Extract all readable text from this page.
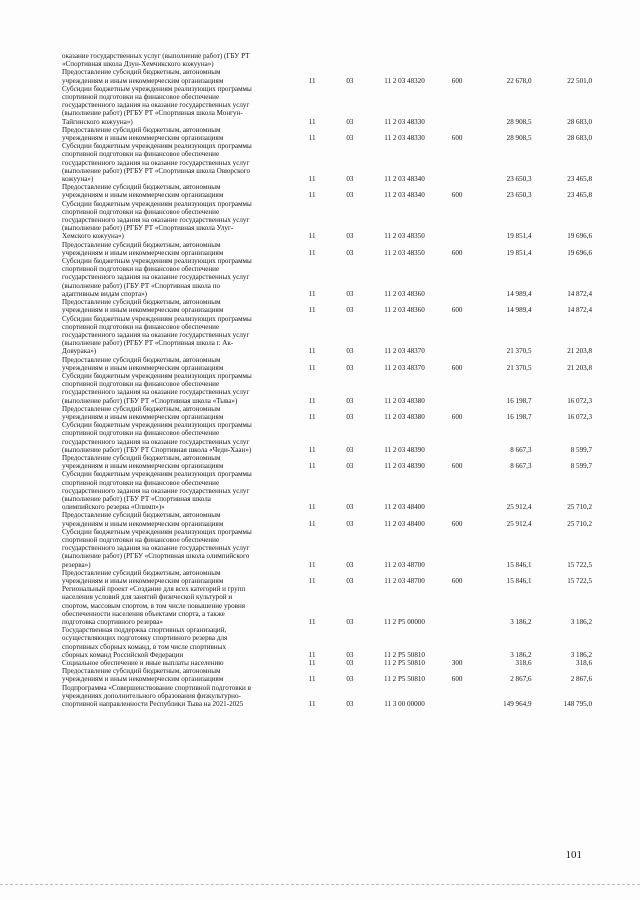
оказание государственных услуг (выполнение работ) (ГБУ РТ
«Спортивная школа Дзун-Хемчикского кожууна»)
Предоставление субсидий бюджетным, автономным
учреждениям и иным некоммерческим организациям	11	03	11 2 03 48320	600	22 678,0	22 501,0
Субсидии бюджетным учреждениям реализующих программы
спортивной подготовки на финансовое обеспечение
государственного задания на оказание государственных услуг
(выполнение работ) (РГБУ РТ «Спортивная школа Монгун-
Тайгинского кожууна»)	11	03	11 2 03 48330	28 908,5	28 683,0
Предоставление субсидий бюджетным, автономным
учреждениям и иным некоммерческим организациям	11	03	11 2 03 48330	600	28 908,5	28 683,0
Субсидии бюджетным учреждениям реализующих программы
спортивной подготовки на финансовое обеспечение
государственного задания на оказание государственных услуг
(выполнение работ) (РГБУ РТ «Спортивная школа Овюрского
кожууна»)	11	03	11 2 03 48340	23 650,3	23 465,8
Предоставление субсидий бюджетным, автономным
учреждениям и иным некоммерческим организациям	11	03	11 2 03 48340	600	23 650,3	23 465,8
Субсидии бюджетным учреждениям реализующих программы
спортивной подготовки на финансовое обеспечение
государственного задания на оказание государственных услуг
(выполнение работ) (РГБУ РТ «Спортивная школа Улуг-
Хемского кожууна»)	11	03	11 2 03 48350	19 851,4	19 696,6
Предоставление субсидий бюджетным, автономным
учреждениям и иным некоммерческим организациям	11	03	11 2 03 48350	600	19 851,4	19 696,6
Субсидии бюджетным учреждениям реализующих программы
спортивной подготовки на финансовое обеспечение
государственного задания на оказание государственных услуг
(выполнение работ) (ГБУ РТ «Спортивная школа по
адаптивным видам спорта»)	11	03	11 2 03 48360	14 989,4	14 872,4
Предоставление субсидий бюджетным, автономным
учреждениям и иным некоммерческим организациям	11	03	11 2 03 48360	600	14 989,4	14 872,4
Субсидии бюджетным учреждениям реализующих программы
спортивной подготовки на финансовое обеспечение
государственного задания на оказание государственных услуг
(выполнение работ) (РГБУ РТ «Спортивная школа г. Ак-
Довурака»)	11	03	11 2 03 48370	21 370,5	21 203,8
Предоставление субсидий бюджетным, автономным
учреждениям и иным некоммерческим организациям	11	03	11 2 03 48370	600	21 370,5	21 203,8
Субсидии бюджетным учреждениям реализующих программы
спортивной подготовки на финансовое обеспечение
государственного задания на оказание государственных услуг
(выполнение работ) (ГБУ РТ «Спортивная школа «Тыва»)	11	03	11 2 03 48380	16 198,7	16 072,3
Предоставление субсидий бюджетным, автономным
учреждениям и иным некоммерческим организациям	11	03	11 2 03 48380	600	16 198,7	16 072,3
Субсидии бюджетным учреждениям реализующих программы
спортивной подготовки на финансовое обеспечение
государственного задания на оказание государственных услуг
(выполнение работ) (ГБУ РТ Спортивная школа «Чеди-Хаан»)	11	03	11 2 03 48390	8 667,3	8 599,7
Предоставление субсидий бюджетным, автономным
учреждениям и иным некоммерческим организациям	11	03	11 2 03 48390	600	8 667,3	8 599,7
Субсидии бюджетным учреждениям реализующих программы
спортивной подготовки на финансовое обеспечение
государственного задания на оказание государственных услуг
(выполнение работ) (ГБУ РТ «Спортивная школа
олимпийского резерва «Олимп»)»	11	03	11 2 03 48400	25 912,4	25 710,2
Предоставление субсидий бюджетным, автономным
учреждениям и иным некоммерческим организациям	11	03	11 2 03 48400	600	25 912,4	25 710,2
Субсидии бюджетным учреждениям реализующих программы
спортивной подготовки на финансовое обеспечение
государственного задания на оказание государственных услуг
(выполнение работ) (РГБУ «Спортивная школа олимпийского
резерва»)	11	03	11 2 03 48700	15 846,1	15 722,5
Предоставление субсидий бюджетным, автономным
учреждениям и иным некоммерческим организациям	11	03	11 2 03 48700	600	15 846,1	15 722,5
Региональный проект «Создание для всех категорий и групп
населения условий для занятий физической культурой и
спортом, массовым спортом, в том числе повышение уровня
обеспеченности населения объектами спорта, а также
подготовка спортивного резерва»	11	03	11 2 P5 00000	3 186,2	3 186,2
Государственная поддержка спортивных организаций,
осуществляющих подготовку спортивного резерва для
спортивных сборных команд, в том числе спортивных
сборных команд Российской Федерации	11	03	11 2 P5 50810	3 186,2	3 186,2
Социальное обеспечение и иные выплаты населению	11	03	11 2 P5 50810	300	318,6	318,6
Предоставление субсидий бюджетным, автономным
учреждениям и иным некоммерческим организациям	11	03	11 2 P5 50810	600	2 867,6	2 867,6
Подпрограмма «Совершенствование спортивной подготовки в
учреждениях дополнительного образования физкультурно-
спортивной направленности Республики Тыва на 2021-2025	11	03	11 3 00 00000	149 964,9	148 795,0
101
